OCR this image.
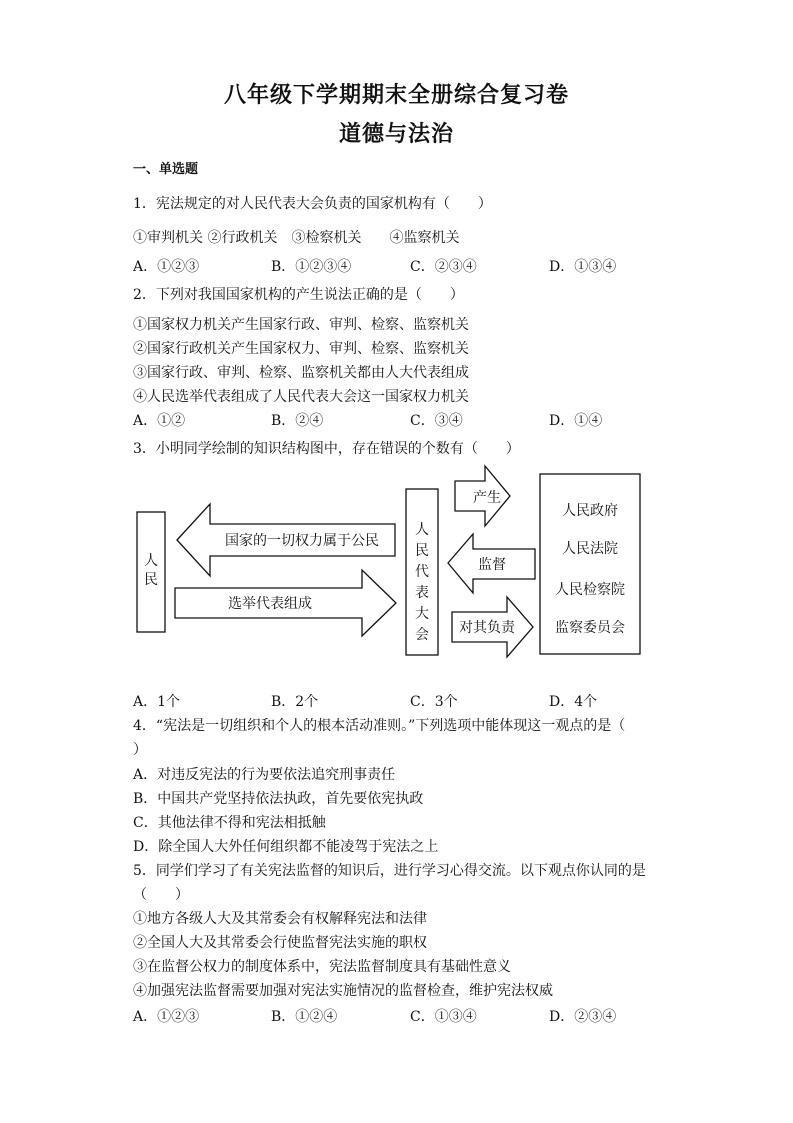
八年级下学期期末全册综合复习卷
道德与法治
一、单选题
1．宪法规定的对人民代表大会负责的国家机构有（　　）
①审判机关 ②行政机关　③检察机关　　④监察机关
A．①②③	B．①②③④	C．②③④	D．①③④
2．下列对我国国家机构的产生说法正确的是（　　）
①国家权力机关产生国家行政、审判、检察、监察机关
②国家行政机关产生国家权力、审判、检察、监察机关
③国家行政、审判、检察、监察机关都由人大代表组成
④人民选举代表组成了人民代表大会这一国家权力机关
A．①②	B．②④	C．③④	D．①④
3．小明同学绘制的知识结构图中，存在错误的个数有（　　）
人
民
国家的一切权力属于公民
选举代表组成
人
民
代
表
大
会
产生
监督
对其负责
人民政府
人民法院
人民检察院
监察委员会
A．1个	B．2个	C．3个	D．4个
4．“宪法是一切组织和个人的根本活动准则。”下列选项中能体现这一观点的是（
）
A．对违反宪法的行为要依法追究刑事责任
B．中国共产党坚持依法执政，首先要依宪执政
C．其他法律不得和宪法相抵触
D．除全国人大外任何组织都不能凌驾于宪法之上
5．同学们学习了有关宪法监督的知识后，进行学习心得交流。以下观点你认同的是
（　　）
①地方各级人大及其常委会有权解释宪法和法律
②全国人大及其常委会行使监督宪法实施的职权
③在监督公权力的制度体系中，宪法监督制度具有基础性意义
④加强宪法监督需要加强对宪法实施情况的监督检查，维护宪法权威
A．①②③	B．①②④	C．①③④	D．②③④
